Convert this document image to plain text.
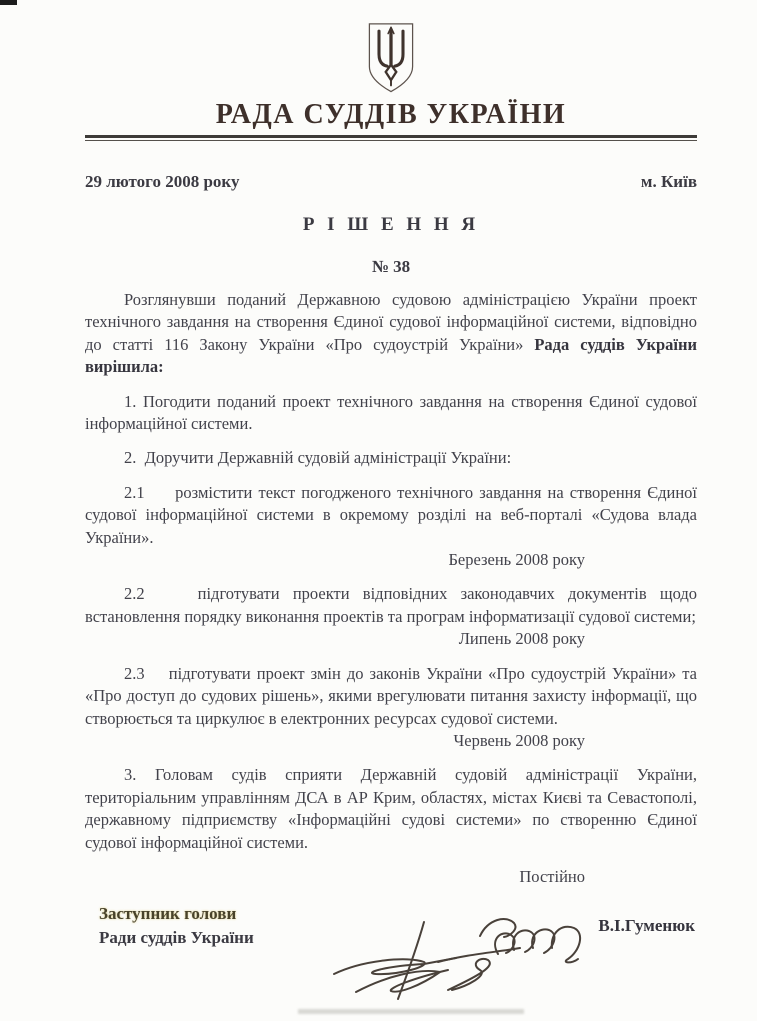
РАДА СУДДІВ УКРАЇНИ
29 лютого 2008 року	м. Київ
Р І Ш Е Н Н Я
№ 38
Розглянувши поданий Державною судовою адміністрацією України проект технічного завдання на створення Єдиної судової інформаційної системи, відповідно до статті 116 Закону України «Про судоустрій України» Рада суддів України вирішила:
1. Погодити поданий проект технічного завдання на створення Єдиної судової інформаційної системи.
2.  Доручити Державній судовій адміністрації України:
2.1     розмістити текст погодженого технічного завдання на створення Єдиної судової інформаційної системи в окремому розділі на веб-порталі «Судова влада України».
Березень 2008 року
2.2    підготувати проекти відповідних законодавчих документів щодо встановлення порядку виконання проектів та програм інформатизації судової системи;
Липень 2008 року
2.3    підготувати проект змін до законів України «Про судоустрій України» та «Про доступ до судових рішень», якими врегулювати питання захисту інформації, що створюється та циркулює в електронних ресурсах судової системи.
Червень 2008 року
3. Головам судів сприяти Державній судовій адміністрації України, територіальним управлінням ДСА в АР Крим, областях, містах Києві та Севастополі, державному підприємству «Інформаційні судові системи» по створенню Єдиної судової інформаційної системи.
Постійно
Заступник голови
Ради суддів України
В.І.Гуменюк
